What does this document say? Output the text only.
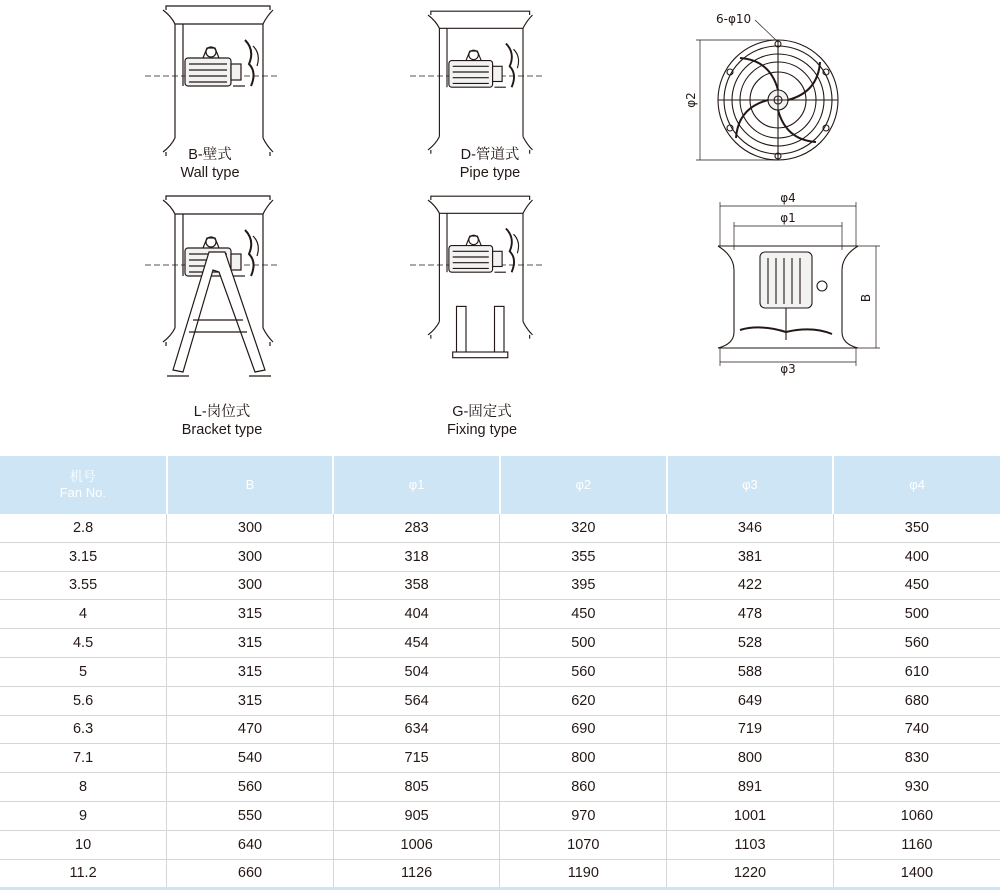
6-φ10
φ2
φ4
φ1
φ3
B
B-壁式
Wall type
D-管道式
Pipe type
L-岗位式
Bracket type
G-固定式
Fixing type
机号
Fan No.	B	φ1	φ2	φ3	φ4
2.8	300	283	320	346	350
3.15	300	318	355	381	400
3.55	300	358	395	422	450
4	315	404	450	478	500
4.5	315	454	500	528	560
5	315	504	560	588	610
5.6	315	564	620	649	680
6.3	470	634	690	719	740
7.1	540	715	800	800	830
8	560	805	860	891	930
9	550	905	970	1001	1060
10	640	1006	1070	1103	1160
11.2	660	1126	1190	1220	1400
